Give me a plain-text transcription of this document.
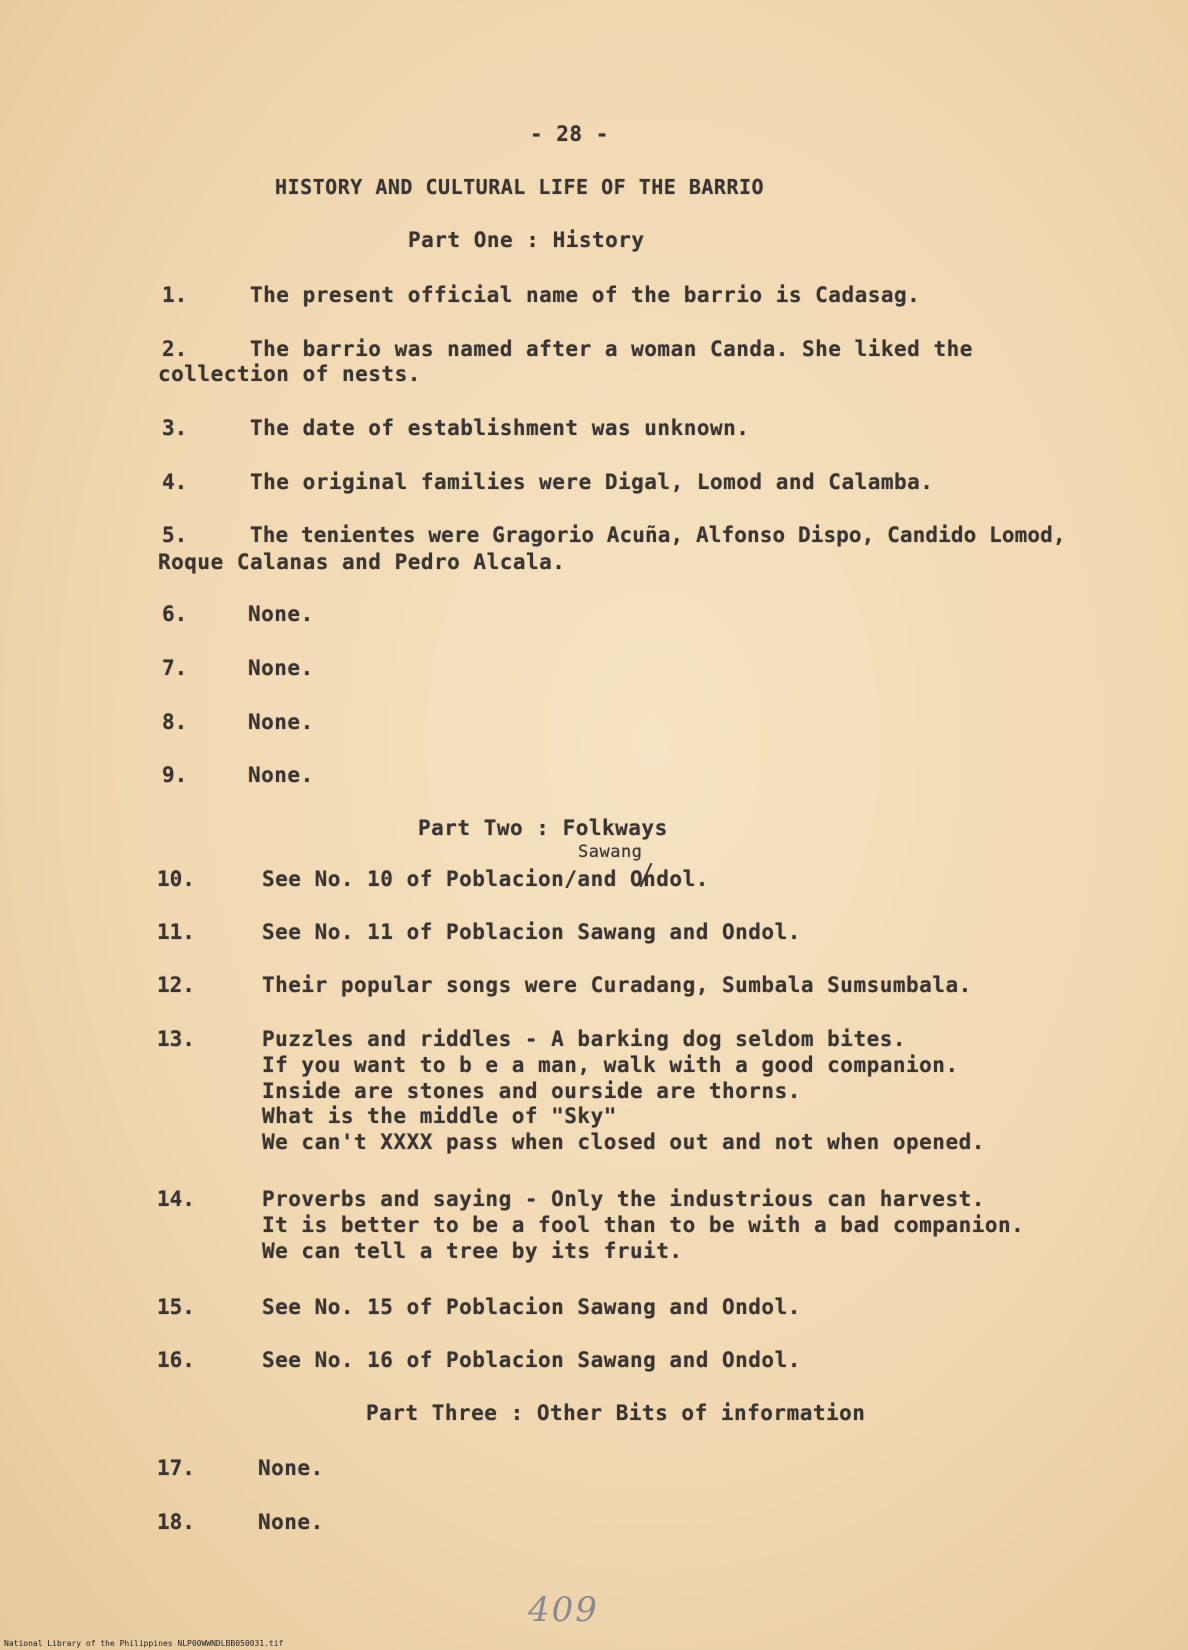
- 28 -
HISTORY AND CULTURAL LIFE OF THE BARRIO
Part One : History
1.	The present official name of the barrio is Cadasag.
2.	The barrio was named after a woman Canda. She liked the
collection of nests.
3.	The date of establishment was unknown.
4.	The original families were Digal, Lomod and Calamba.
5.	The tenientes were Gragorio Acuña, Alfonso Dispo, Candido Lomod,
Roque Calanas and Pedro Alcala.
6.	None.
7.	None.
8.	None.
9.	None.
Part Two : Folkways
Sawang
10.	See No. 10 of Poblacion/and Ondol.
11.	See No. 11 of Poblacion Sawang and Ondol.
12.	Their popular songs were Curadang, Sumbala Sumsumbala.
13.	Puzzles and riddles - A barking dog seldom bites.
If you want to b e a man, walk with a good companion.
Inside are stones and ourside are thorns.
What is the middle of "Sky"
We can't XXXX pass when closed out and not when opened.
14.	Proverbs and saying - Only the industrious can harvest.
It is better to be a fool than to be with a bad companion.
We can tell a tree by its fruit.
15.	See No. 15 of Poblacion Sawang and Ondol.
16.	See No. 16 of Poblacion Sawang and Ondol.
Part Three : Other Bits of information
17.	None.
18.	None.
409
National Library of the Philippines NLP00WWNDLBB050031.tif
